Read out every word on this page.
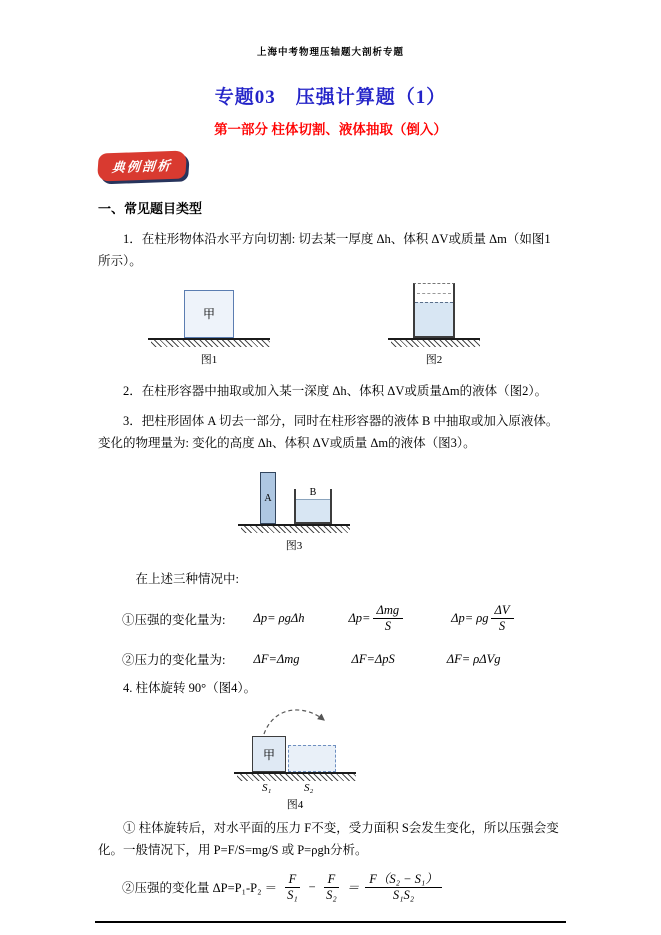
上海中考物理压轴题大剖析专题
专题03　压强计算题（1）
第一部分 柱体切割、液体抽取（倒入）
典例剖析
一、常见题目类型

1．在柱形物体沿水平方向切割: 切去某一厚度 Δh、体积 ΔV或质量 Δm（如图1所示）。

甲
图1	图2

2．在柱形容器中抽取或加入某一深度 Δh、体积 ΔV或质量Δm的液体（图2）。

3．把柱形固体 A 切去一部分，同时在柱形容器的液体 B 中抽取或加入原液体。变化的物理量为: 变化的高度 Δh、体积 ΔV或质量 Δm的液体（图3）。

A	B
图3

在上述三种情况中:

①压强的变化量为: Δp= ρgΔh	$\Delta p= \frac{\text{Δmg}}{S}$	Δp= ρg $\frac{\Delta V}{S}$
②压力的变化量为: ΔF=Δmg	ΔF=ΔpS	ΔF= ρΔVg

4. 柱体旋转 90°（图4）。

甲
S₁	S₂
图4

① 柱体旋转后，对水平面的压力 F不变，受力面积 S会发生变化，所以压强会变化。一般情况下，用 P=F/S=mg/S 或 P=ρgh分析。

②压强的变化量 $\Delta P=P_1-P_2 = \frac{F}{\text{S₁}} - \frac{F}{\text{S₂}} = \frac{\text{F（S₂ − S₁）}}{\text{S₁S₂}}$
